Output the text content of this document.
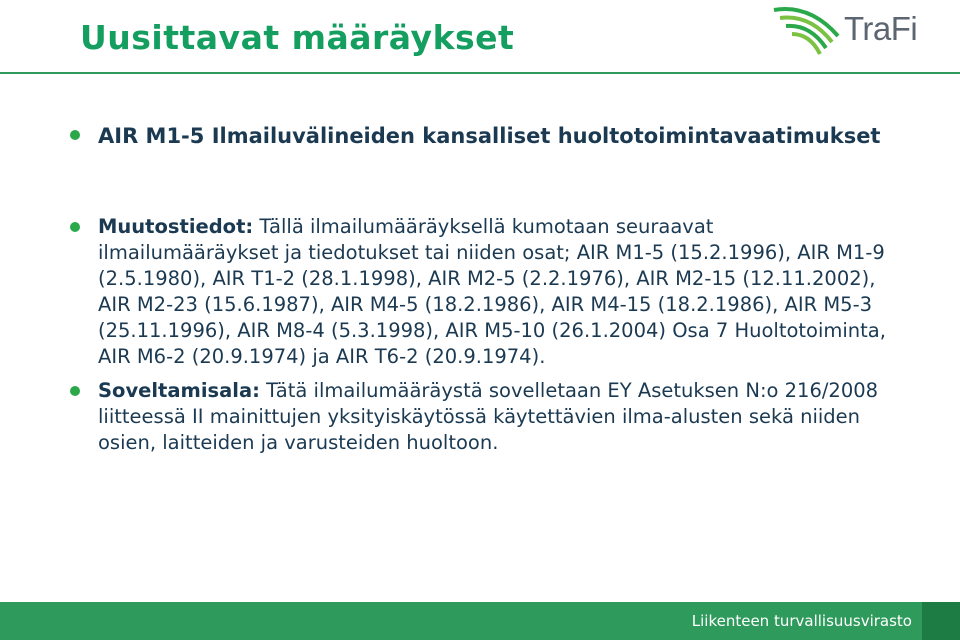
Uusittavat määräykset	TraFi
AIR M1-5 Ilmailuvälineiden kansalliset huoltotoimintavaatimukset
Muutostiedot: Tällä ilmailumääräyksellä kumotaan seuraavat ilmailumääräykset ja tiedotukset tai niiden osat; AIR M1-5 (15.2.1996), AIR M1-9 (2.5.1980), AIR T1-2 (28.1.1998), AIR M2-5 (2.2.1976), AIR M2-15 (12.11.2002), AIR M2-23 (15.6.1987), AIR M4-5 (18.2.1986), AIR M4-15 (18.2.1986), AIR M5-3 (25.11.1996), AIR M8-4 (5.3.1998), AIR M5-10 (26.1.2004) Osa 7 Huoltotoiminta, AIR M6-2 (20.9.1974) ja AIR T6-2 (20.9.1974).
Soveltamisala: Tätä ilmailumääräystä sovelletaan EY Asetuksen N:o 216/2008 liitteessä II mainittujen yksityiskäytössä käytettävien ilma-alusten sekä niiden osien, laitteiden ja varusteiden huoltoon.
Liikenteen turvallisuusvirasto
